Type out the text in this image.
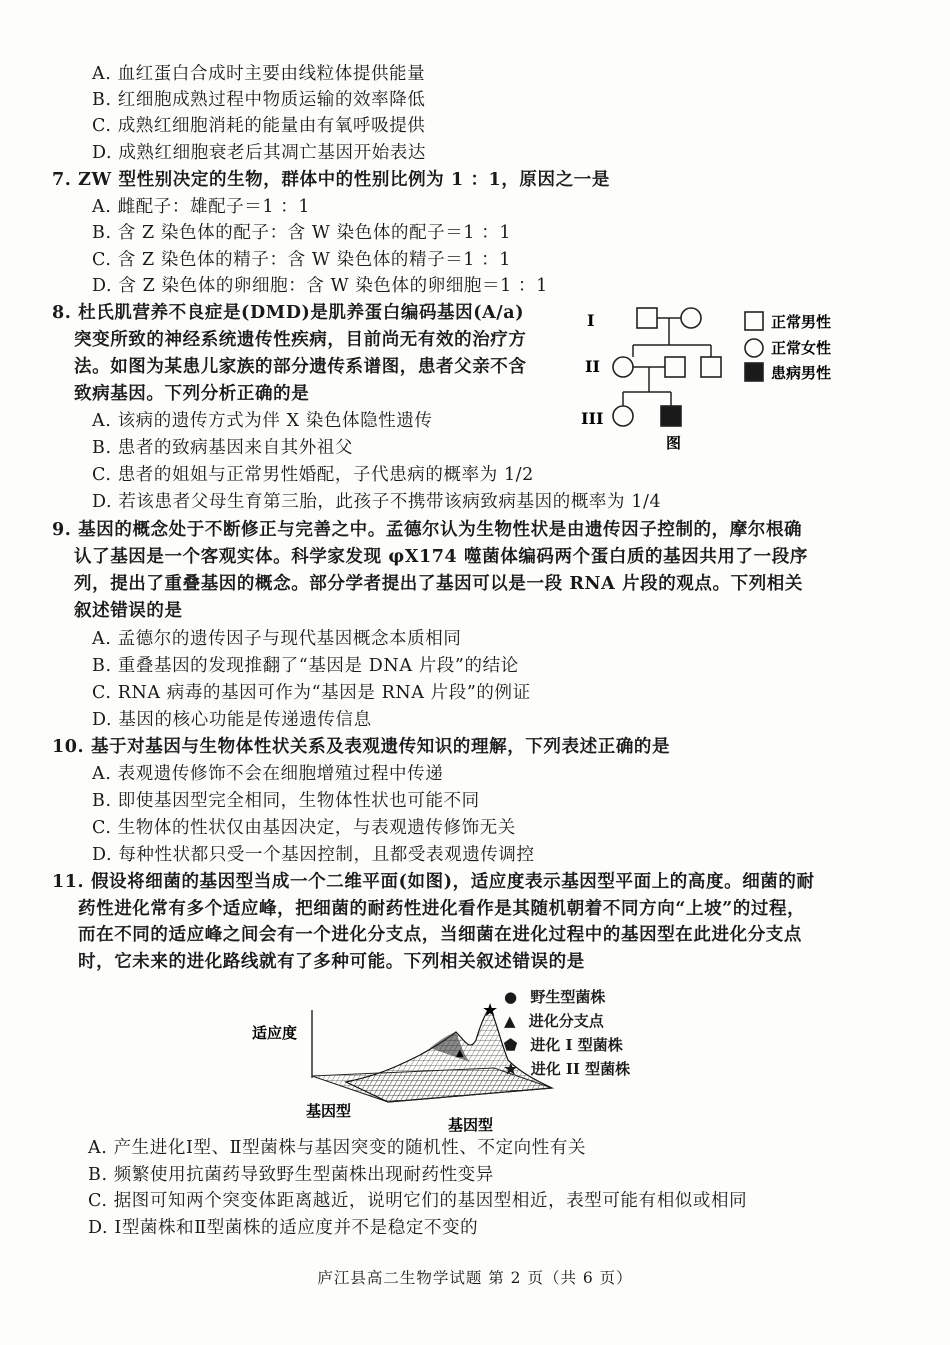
A. 血红蛋白合成时主要由线粒体提供能量
B. 红细胞成熟过程中物质运输的效率降低
C. 成熟红细胞消耗的能量由有氧呼吸提供
D. 成熟红细胞衰老后其凋亡基因开始表达
7. ZW 型性别决定的生物，群体中的性别比例为 1 ：1，原因之一是
A. 雌配子：雄配子＝1 ：1
B. 含 Z 染色体的配子：含 W 染色体的配子＝1 ：1
C. 含 Z 染色体的精子：含 W 染色体的精子＝1 ：1
D. 含 Z 染色体的卵细胞：含 W 染色体的卵细胞＝1 ：1
8. 杜氏肌营养不良症是(DMD)是肌养蛋白编码基因(A/a)
突变所致的神经系统遗传性疾病，目前尚无有效的治疗方
法。如图为某患儿家族的部分遗传系谱图，患者父亲不含
致病基因。下列分析正确的是
A. 该病的遗传方式为伴 X 染色体隐性遗传
B. 患者的致病基因来自其外祖父
C. 患者的姐姐与正常男性婚配，子代患病的概率为 1/2
D. 若该患者父母生育第三胎，此孩子不携带该病致病基因的概率为 1/4
I
II
III
图
正常男性
正常女性
患病男性
9. 基因的概念处于不断修正与完善之中。孟德尔认为生物性状是由遗传因子控制的，摩尔根确
认了基因是一个客观实体。科学家发现 φX174 噬菌体编码两个蛋白质的基因共用了一段序
列，提出了重叠基因的概念。部分学者提出了基因可以是一段 RNA 片段的观点。下列相关
叙述错误的是
A. 孟德尔的遗传因子与现代基因概念本质相同
B. 重叠基因的发现推翻了“基因是 DNA 片段”的结论
C. RNA 病毒的基因可作为“基因是 RNA 片段”的例证
D. 基因的核心功能是传递遗传信息
10. 基于对基因与生物体性状关系及表观遗传知识的理解，下列表述正确的是
A. 表观遗传修饰不会在细胞增殖过程中传递
B. 即使基因型完全相同，生物体性状也可能不同
C. 生物体的性状仅由基因决定，与表观遗传修饰无关
D. 每种性状都只受一个基因控制，且都受表观遗传调控
11. 假设将细菌的基因型当成一个二维平面(如图)，适应度表示基因型平面上的高度。细菌的耐
药性进化常有多个适应峰，把细菌的耐药性进化看作是其随机朝着不同方向“上坡”的过程，
而在不同的适应峰之间会有一个进化分支点，当细菌在进化过程中的基因型在此进化分支点
时，它未来的进化路线就有了多种可能。下列相关叙述错误的是
适应度
★
▲
基因型
基因型
● 野生型菌株
▲ 进化分支点
⬟ 进化 I 型菌株
★ 进化 II 型菌株
A. 产生进化Ⅰ型、Ⅱ型菌株与基因突变的随机性、不定向性有关
B. 频繁使用抗菌药导致野生型菌株出现耐药性变异
C. 据图可知两个突变体距离越近，说明它们的基因型相近，表型可能有相似或相同
D. Ⅰ型菌株和Ⅱ型菌株的适应度并不是稳定不变的
庐江县高二生物学试题 第 2 页（共 6 页）
